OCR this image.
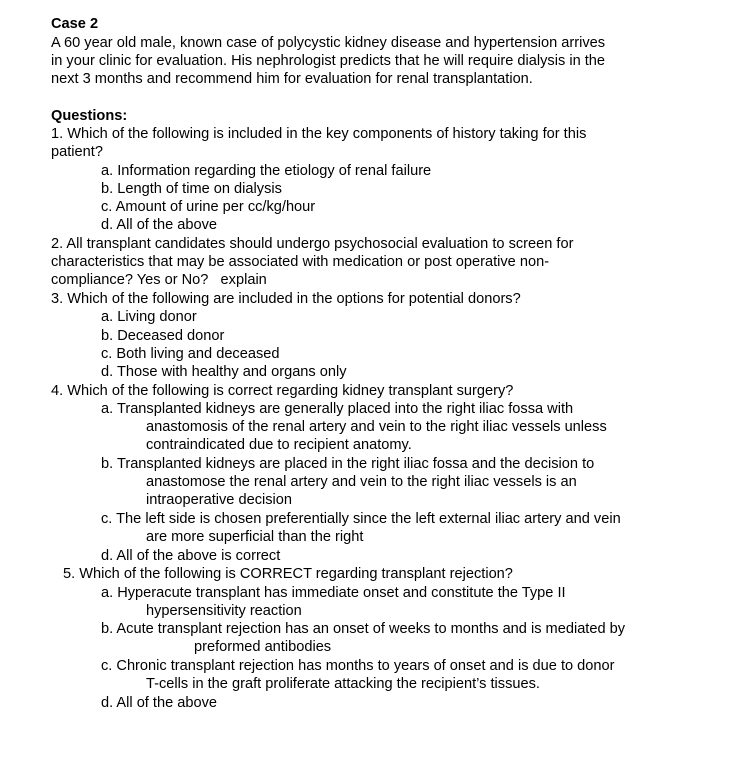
Case 2
A 60 year old male, known case of polycystic kidney disease and hypertension arrives
in your clinic for evaluation. His nephrologist predicts that he will require dialysis in the
next 3 months and recommend him for evaluation for renal transplantation.
Questions:
1. Which of the following is included in the key components of history taking for this
patient?
a. Information regarding the etiology of renal failure
b. Length of time on dialysis
c. Amount of urine per cc/kg/hour
d. All of the above
2. All transplant candidates should undergo psychosocial evaluation to screen for
characteristics that may be associated with medication or post operative non-
compliance? Yes or No?   explain
3. Which of the following are included in the options for potential donors?
a. Living donor
b. Deceased donor
c. Both living and deceased
d. Those with healthy and organs only
4. Which of the following is correct regarding kidney transplant surgery?
a. Transplanted kidneys are generally placed into the right iliac fossa with
anastomosis of the renal artery and vein to the right iliac vessels unless
contraindicated due to recipient anatomy.
b. Transplanted kidneys are placed in the right iliac fossa and the decision to
anastomose the renal artery and vein to the right iliac vessels is an
intraoperative decision
c. The left side is chosen preferentially since the left external iliac artery and vein
are more superficial than the right
d. All of the above is correct
5. Which of the following is CORRECT regarding transplant rejection?
a. Hyperacute transplant has immediate onset and constitute the Type II
hypersensitivity reaction
b. Acute transplant rejection has an onset of weeks to months and is mediated by
preformed antibodies
c. Chronic transplant rejection has months to years of onset and is due to donor
T-cells in the graft proliferate attacking the recipient’s tissues.
d. All of the above
